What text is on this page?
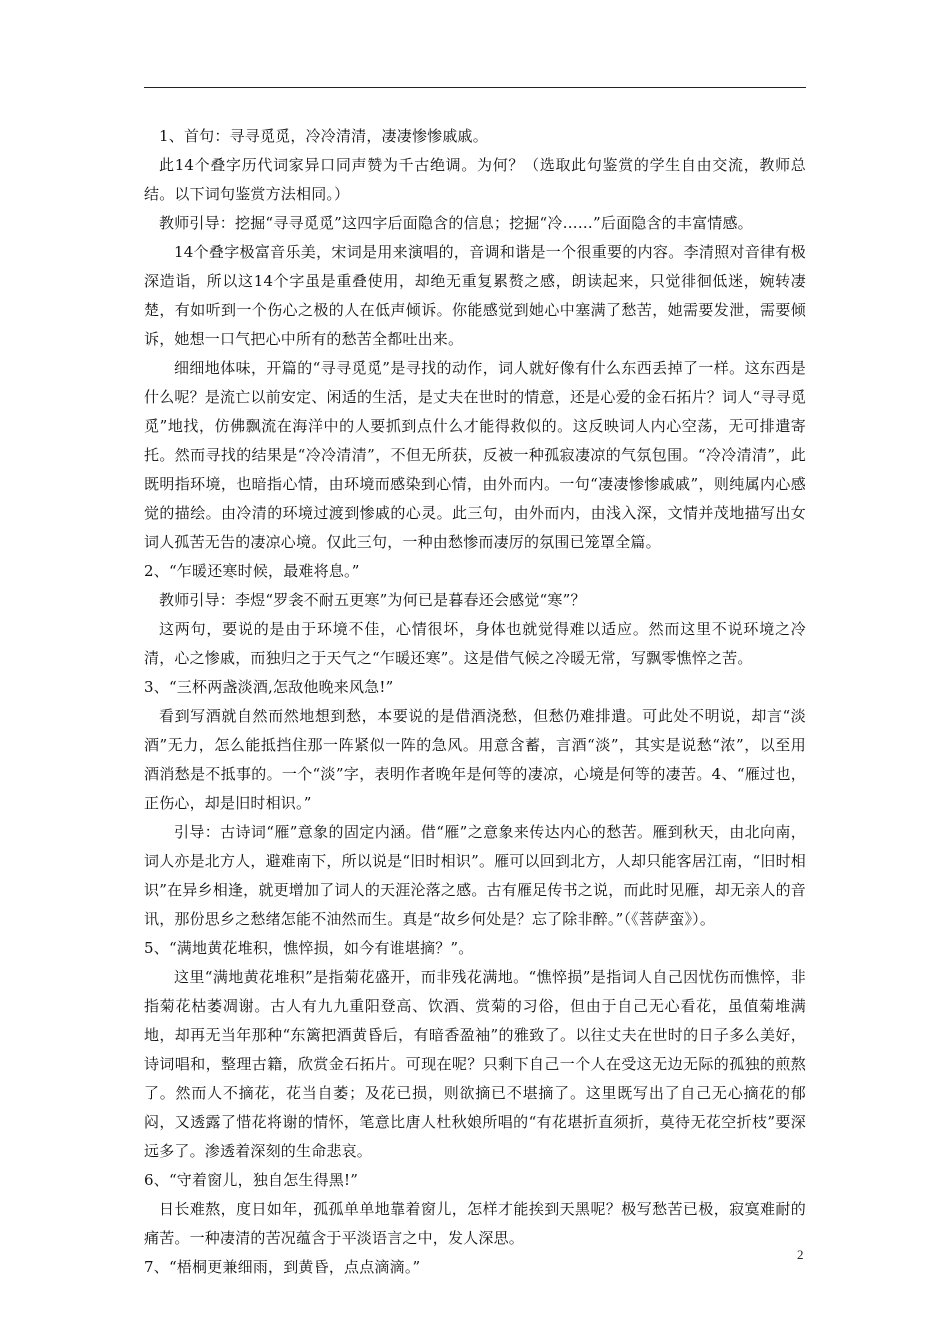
1、首句：寻寻觅觅，冷冷清清，凄凄惨惨戚戚。

此14个叠字历代词家异口同声赞为千古绝调。为何？（选取此句鉴赏的学生自由交流，教师总结。以下词句鉴赏方法相同。）

教师引导：挖掘“寻寻觅觅”这四字后面隐含的信息；挖掘“冷……”后面隐含的丰富情感。

14个叠字极富音乐美，宋词是用来演唱的，音调和谐是一个很重要的内容。李清照对音律有极深造诣，所以这14个字虽是重叠使用，却绝无重复累赘之感，朗读起来，只觉徘徊低迷，婉转凄楚，有如听到一个伤心之极的人在低声倾诉。你能感觉到她心中塞满了愁苦，她需要发泄，需要倾诉，她想一口气把心中所有的愁苦全都吐出来。

细细地体味，开篇的“寻寻觅觅”是寻找的动作，词人就好像有什么东西丢掉了一样。这东西是什么呢？是流亡以前安定、闲适的生活，是丈夫在世时的情意，还是心爱的金石拓片？词人“寻寻觅觅”地找，仿佛飘流在海洋中的人要抓到点什么才能得救似的。这反映词人内心空荡，无可排遣寄托。然而寻找的结果是“冷冷清清”，不但无所获，反被一种孤寂凄凉的气氛包围。“冷冷清清”，此既明指环境，也暗指心情，由环境而感染到心情，由外而内。一句“凄凄惨惨戚戚”，则纯属内心感觉的描绘。由冷清的环境过渡到惨戚的心灵。此三句，由外而内，由浅入深，文情并茂地描写出女词人孤苦无告的凄凉心境。仅此三句，一种由愁惨而凄厉的氛围已笼罩全篇。

2、“乍暖还寒时候，最难将息。”

教师引导：李煜“罗衾不耐五更寒”为何已是暮春还会感觉“寒”？

这两句，要说的是由于环境不佳，心情很坏，身体也就觉得难以适应。然而这里不说环境之冷清，心之惨戚，而独归之于天气之“乍暖还寒”。这是借气候之冷暖无常，写飘零憔悴之苦。

3、“三杯两盏淡酒,怎敌他晚来风急!”

看到写酒就自然而然地想到愁，本要说的是借酒浇愁，但愁仍难排遣。可此处不明说，却言“淡酒”无力，怎么能抵挡住那一阵紧似一阵的急风。用意含蓄，言酒“淡”，其实是说愁“浓”，以至用酒消愁是不抵事的。一个“淡”字，表明作者晚年是何等的凄凉，心境是何等的凄苦。4、“雁过也，正伤心，却是旧时相识。”

引导：古诗词“雁”意象的固定内涵。借“雁”之意象来传达内心的愁苦。雁到秋天，由北向南，词人亦是北方人，避难南下，所以说是“旧时相识”。雁可以回到北方，人却只能客居江南，“旧时相识”在异乡相逢，就更增加了词人的天涯沦落之感。古有雁足传书之说，而此时见雁，却无亲人的音讯，那份思乡之愁绪怎能不油然而生。真是“故乡何处是？忘了除非醉。”（《菩萨蛮》）。

5、“满地黄花堆积，憔悴损，如今有谁堪摘？”。

这里“满地黄花堆积”是指菊花盛开，而非残花满地。“憔悴损”是指词人自己因忧伤而憔悴，非指菊花枯萎凋谢。古人有九九重阳登高、饮酒、赏菊的习俗，但由于自己无心看花，虽值菊堆满地，却再无当年那种“东篱把酒黄昏后，有暗香盈袖”的雅致了。以往丈夫在世时的日子多么美好，诗词唱和，整理古籍，欣赏金石拓片。可现在呢？只剩下自己一个人在受这无边无际的孤独的煎熬了。然而人不摘花，花当自萎；及花已损，则欲摘已不堪摘了。这里既写出了自己无心摘花的郁闷，又透露了惜花将谢的情怀，笔意比唐人杜秋娘所唱的“有花堪折直须折，莫待无花空折枝”要深远多了。渗透着深刻的生命悲哀。

6、“守着窗儿，独自怎生得黑!”

日长难熬，度日如年，孤孤单单地靠着窗儿，怎样才能挨到天黑呢？极写愁苦已极，寂寞难耐的痛苦。一种凄清的苦况蕴含于平淡语言之中，发人深思。

7、“梧桐更兼细雨，到黄昏，点点滴滴。”

2
